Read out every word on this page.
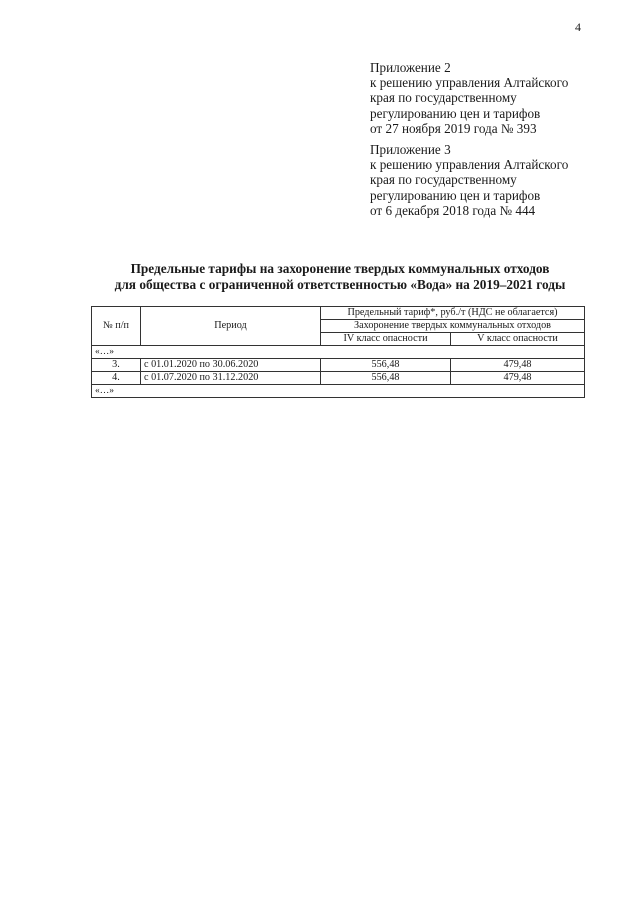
4
Приложение 2
к решению управления Алтайского
края по государственному
регулированию цен и тарифов
от 27 ноября 2019 года № 393
Приложение 3
к решению управления Алтайского
края по государственному
регулированию цен и тарифов
от 6 декабря 2018 года № 444
Предельные тарифы на захоронение твердых коммунальных отходов
для общества с ограниченной ответственностью «Вода» на 2019–2021 годы
№ п/п	Период	Предельный тариф*, руб./т (НДС не облагается)	
		Захоронение твердых коммунальных отходов	
		IV класс опасности	V класс опасности
«…»			
3.	с 01.01.2020 по 30.06.2020	556,48	479,48
4.	с 01.07.2020 по 31.12.2020	556,48	479,48
«…»			
